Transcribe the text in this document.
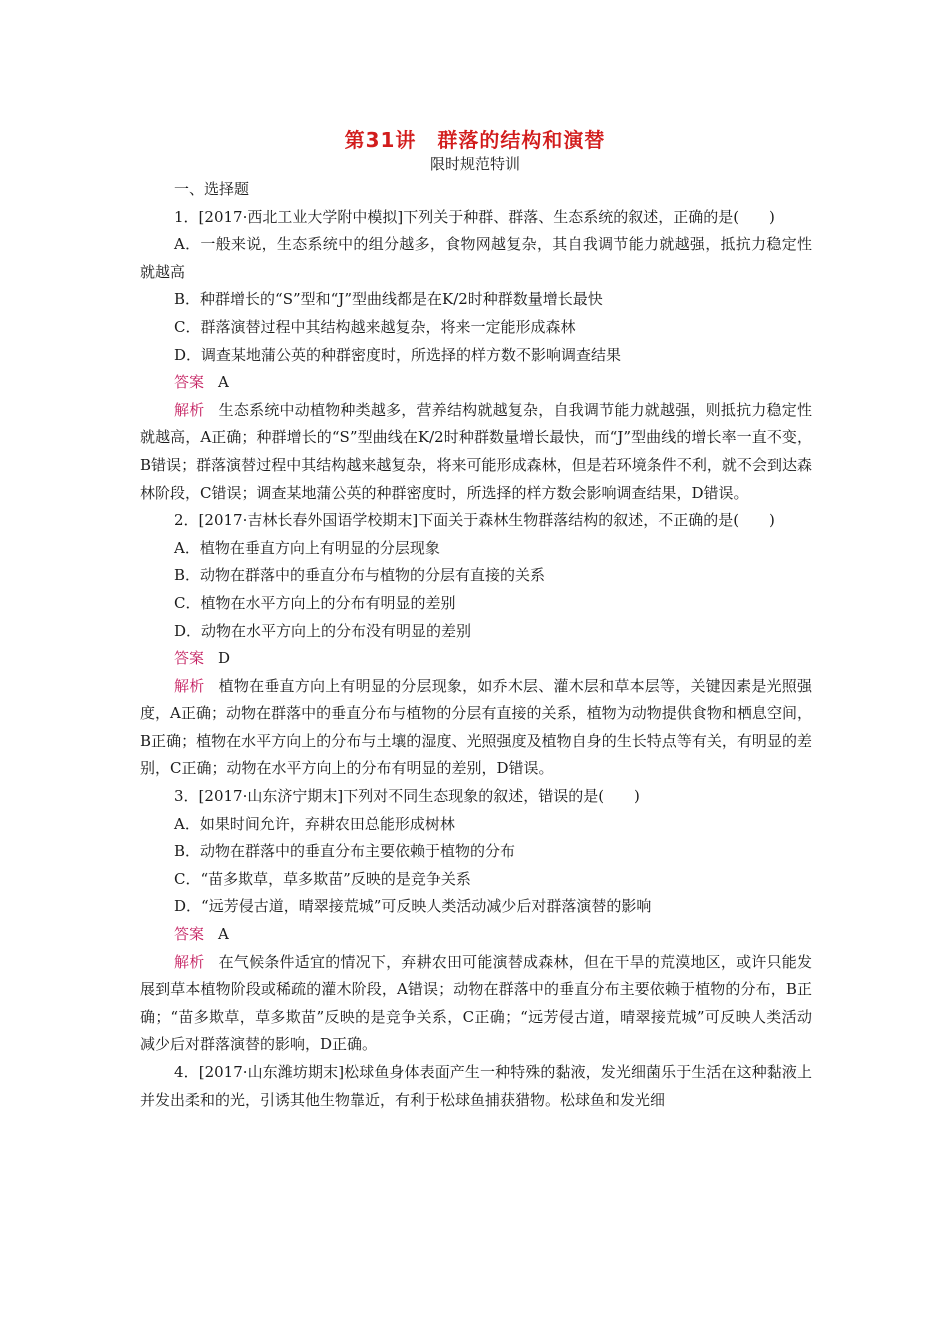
第31讲　群落的结构和演替
限时规范特训

一、选择题

1．[2017·西北工业大学附中模拟]下列关于种群、群落、生态系统的叙述，正确的是(　　)

A．一般来说，生态系统中的组分越多，食物网越复杂，其自我调节能力就越强，抵抗力稳定性就越高

B．种群增长的“S”型和“J”型曲线都是在K/2时种群数量增长最快

C．群落演替过程中其结构越来越复杂，将来一定能形成森林

D．调查某地蒲公英的种群密度时，所选择的样方数不影响调查结果

答案 A

解析 生态系统中动植物种类越多，营养结构就越复杂，自我调节能力就越强，则抵抗力稳定性就越高，A正确；种群增长的“S”型曲线在K/2时种群数量增长最快，而“J”型曲线的增长率一直不变，B错误；群落演替过程中其结构越来越复杂，将来可能形成森林，但是若环境条件不利，就不会到达森林阶段，C错误；调查某地蒲公英的种群密度时，所选择的样方数会影响调查结果，D错误。

2．[2017·吉林长春外国语学校期末]下面关于森林生物群落结构的叙述，不正确的是(　　)

A．植物在垂直方向上有明显的分层现象

B．动物在群落中的垂直分布与植物的分层有直接的关系

C．植物在水平方向上的分布有明显的差别

D．动物在水平方向上的分布没有明显的差别

答案 D

解析 植物在垂直方向上有明显的分层现象，如乔木层、灌木层和草本层等，关键因素是光照强度，A正确；动物在群落中的垂直分布与植物的分层有直接的关系，植物为动物提供食物和栖息空间，B正确；植物在水平方向上的分布与土壤的湿度、光照强度及植物自身的生长特点等有关，有明显的差别，C正确；动物在水平方向上的分布有明显的差别，D错误。

3．[2017·山东济宁期末]下列对不同生态现象的叙述，错误的是(　　)

A．如果时间允许，弃耕农田总能形成树林

B．动物在群落中的垂直分布主要依赖于植物的分布

C．“苗多欺草，草多欺苗”反映的是竞争关系

D．“远芳侵古道，晴翠接荒城”可反映人类活动减少后对群落演替的影响

答案 A

解析 在气候条件适宜的情况下，弃耕农田可能演替成森林，但在干旱的荒漠地区，或许只能发展到草本植物阶段或稀疏的灌木阶段，A错误；动物在群落中的垂直分布主要依赖于植物的分布，B正确；“苗多欺草，草多欺苗”反映的是竞争关系，C正确；“远芳侵古道，晴翠接荒城”可反映人类活动减少后对群落演替的影响，D正确。

4．[2017·山东潍坊期末]松球鱼身体表面产生一种特殊的黏液，发光细菌乐于生活在这种黏液上并发出柔和的光，引诱其他生物靠近，有利于松球鱼捕获猎物。松球鱼和发光细
